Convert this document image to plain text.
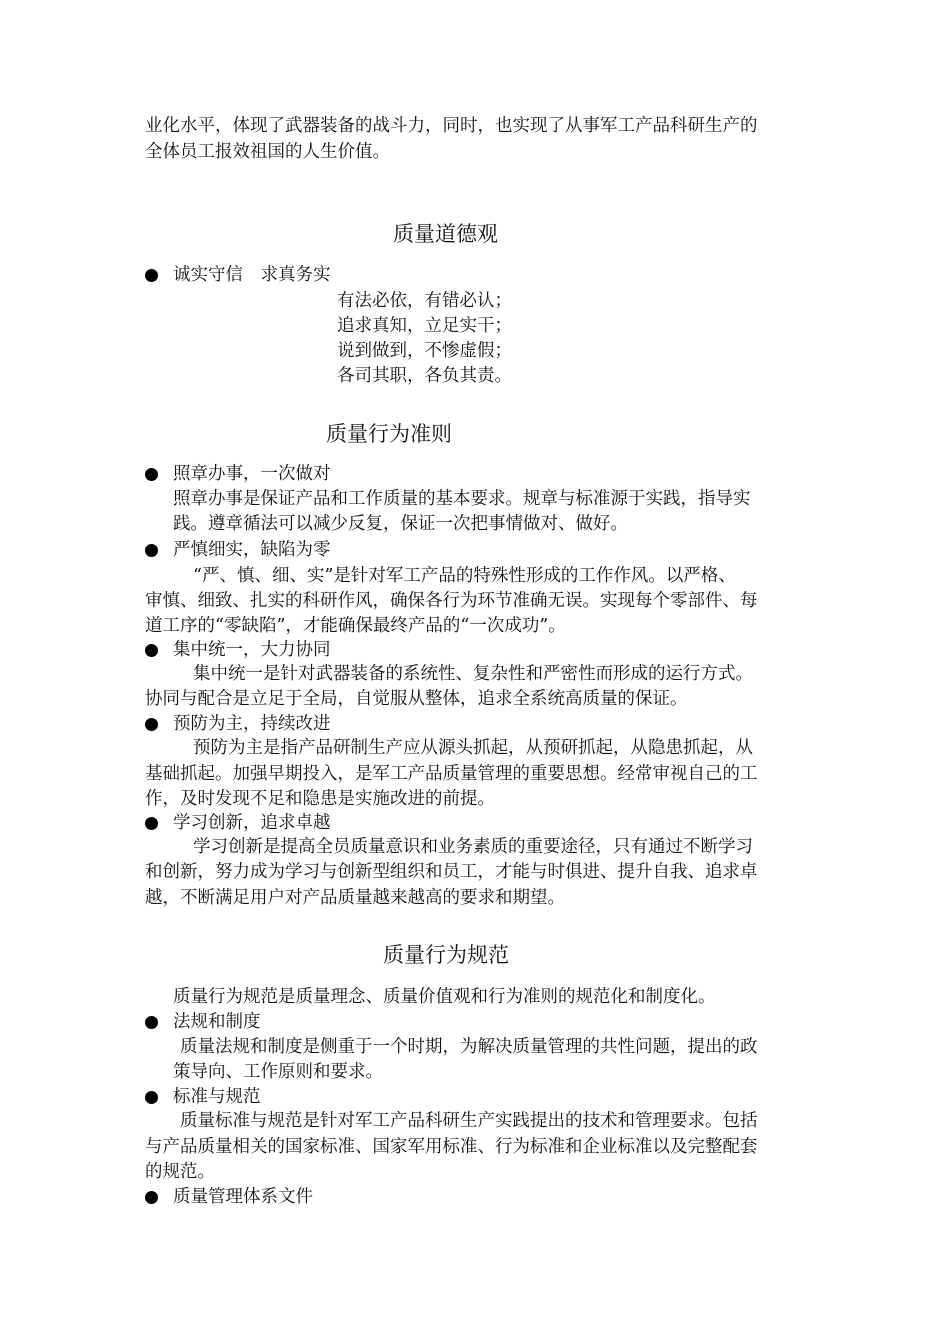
业化水平，体现了武器装备的战斗力，同时，也实现了从事军工产品科研生产的
全体员工报效祖国的人生价值。
质量道德观
诚实守信　求真务实
有法必依，有错必认；
追求真知，立足实干；
说到做到，不惨虚假；
各司其职，各负其责。
质量行为准则
照章办事，一次做对
照章办事是保证产品和工作质量的基本要求。规章与标准源于实践，指导实
践。遵章循法可以减少反复，保证一次把事情做对、做好。
严慎细实，缺陷为零
“严、慎、细、实”是针对军工产品的特殊性形成的工作作风。以严格、
审慎、细致、扎实的科研作风，确保各行为环节准确无误。实现每个零部件、每
道工序的“零缺陷”，才能确保最终产品的“一次成功”。
集中统一，大力协同
集中统一是针对武器装备的系统性、复杂性和严密性而形成的运行方式。
协同与配合是立足于全局，自觉服从整体，追求全系统高质量的保证。
预防为主，持续改进
预防为主是指产品研制生产应从源头抓起，从预研抓起，从隐患抓起，从
基础抓起。加强早期投入，是军工产品质量管理的重要思想。经常审视自己的工
作，及时发现不足和隐患是实施改进的前提。
学习创新，追求卓越
学习创新是提高全员质量意识和业务素质的重要途径，只有通过不断学习
和创新，努力成为学习与创新型组织和员工，才能与时俱进、提升自我、追求卓
越，不断满足用户对产品质量越来越高的要求和期望。
质量行为规范
质量行为规范是质量理念、质量价值观和行为准则的规范化和制度化。
法规和制度
质量法规和制度是侧重于一个时期，为解决质量管理的共性问题，提出的政
策导向、工作原则和要求。
标准与规范
质量标准与规范是针对军工产品科研生产实践提出的技术和管理要求。包括
与产品质量相关的国家标准、国家军用标准、行为标准和企业标准以及完整配套
的规范。
质量管理体系文件
